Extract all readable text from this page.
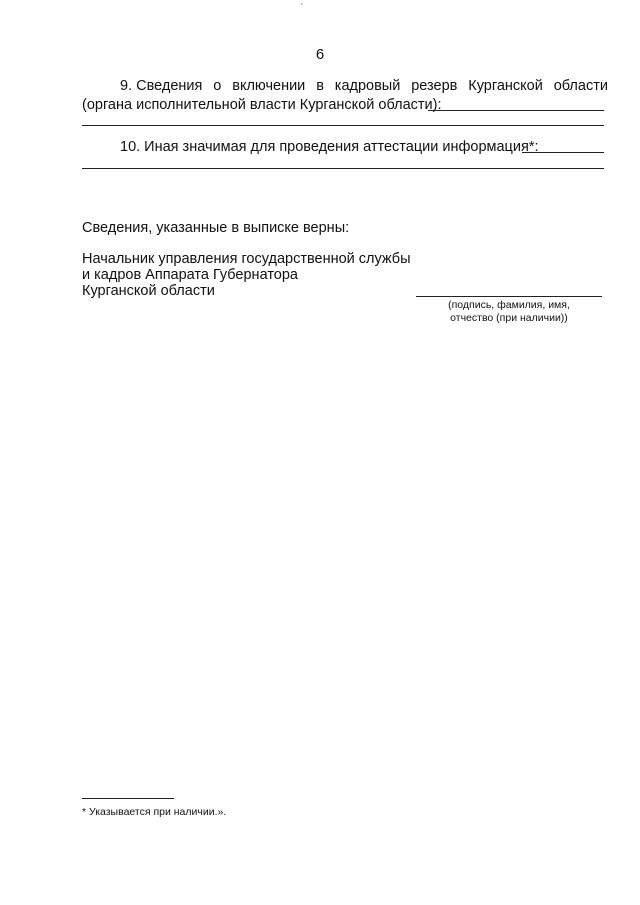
6
9. Сведения о включении в кадровый резерв Курганской области
(органа исполнительной власти Курганской области):
10. Иная значимая для проведения аттестации информация*:
Сведения, указанные в выписке верны:
Начальник управления государственной службы
и кадров Аппарата Губернатора
Курганской области
(подпись, фамилия, имя,
отчество (при наличии))
* Указывается при наличии.».
